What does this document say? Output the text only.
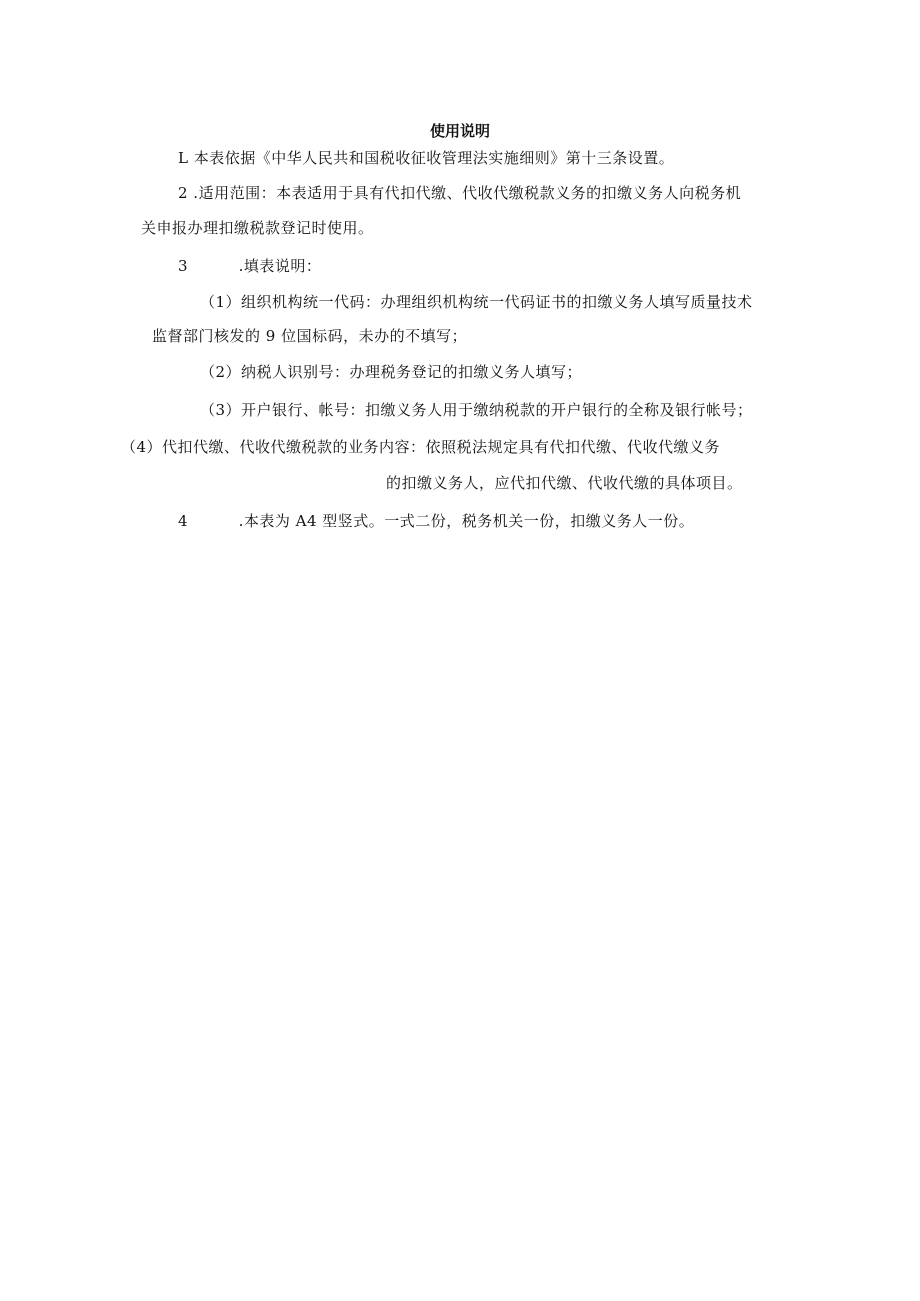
使用说明
L 本表依据《中华人民共和国税收征收管理法实施细则》第十三条设置。
2 .适用范围：本表适用于具有代扣代缴、代收代缴税款义务的扣缴义务人向税务机
关申报办理扣缴税款登记时使用。
3	.填表说明：
（1）组织机构统一代码：办理组织机构统一代码证书的扣缴义务人填写质量技术
监督部门核发的 9 位国标码，未办的不填写；
（2）纳税人识别号：办理税务登记的扣缴义务人填写；
（3）开户银行、帐号：扣缴义务人用于缴纳税款的开户银行的全称及银行帐号；
（4）代扣代缴、代收代缴税款的业务内容：依照税法规定具有代扣代缴、代收代缴义务
的扣缴义务人，应代扣代缴、代收代缴的具体项目。
4	.本表为 A4 型竖式。一式二份，税务机关一份，扣缴义务人一份。
